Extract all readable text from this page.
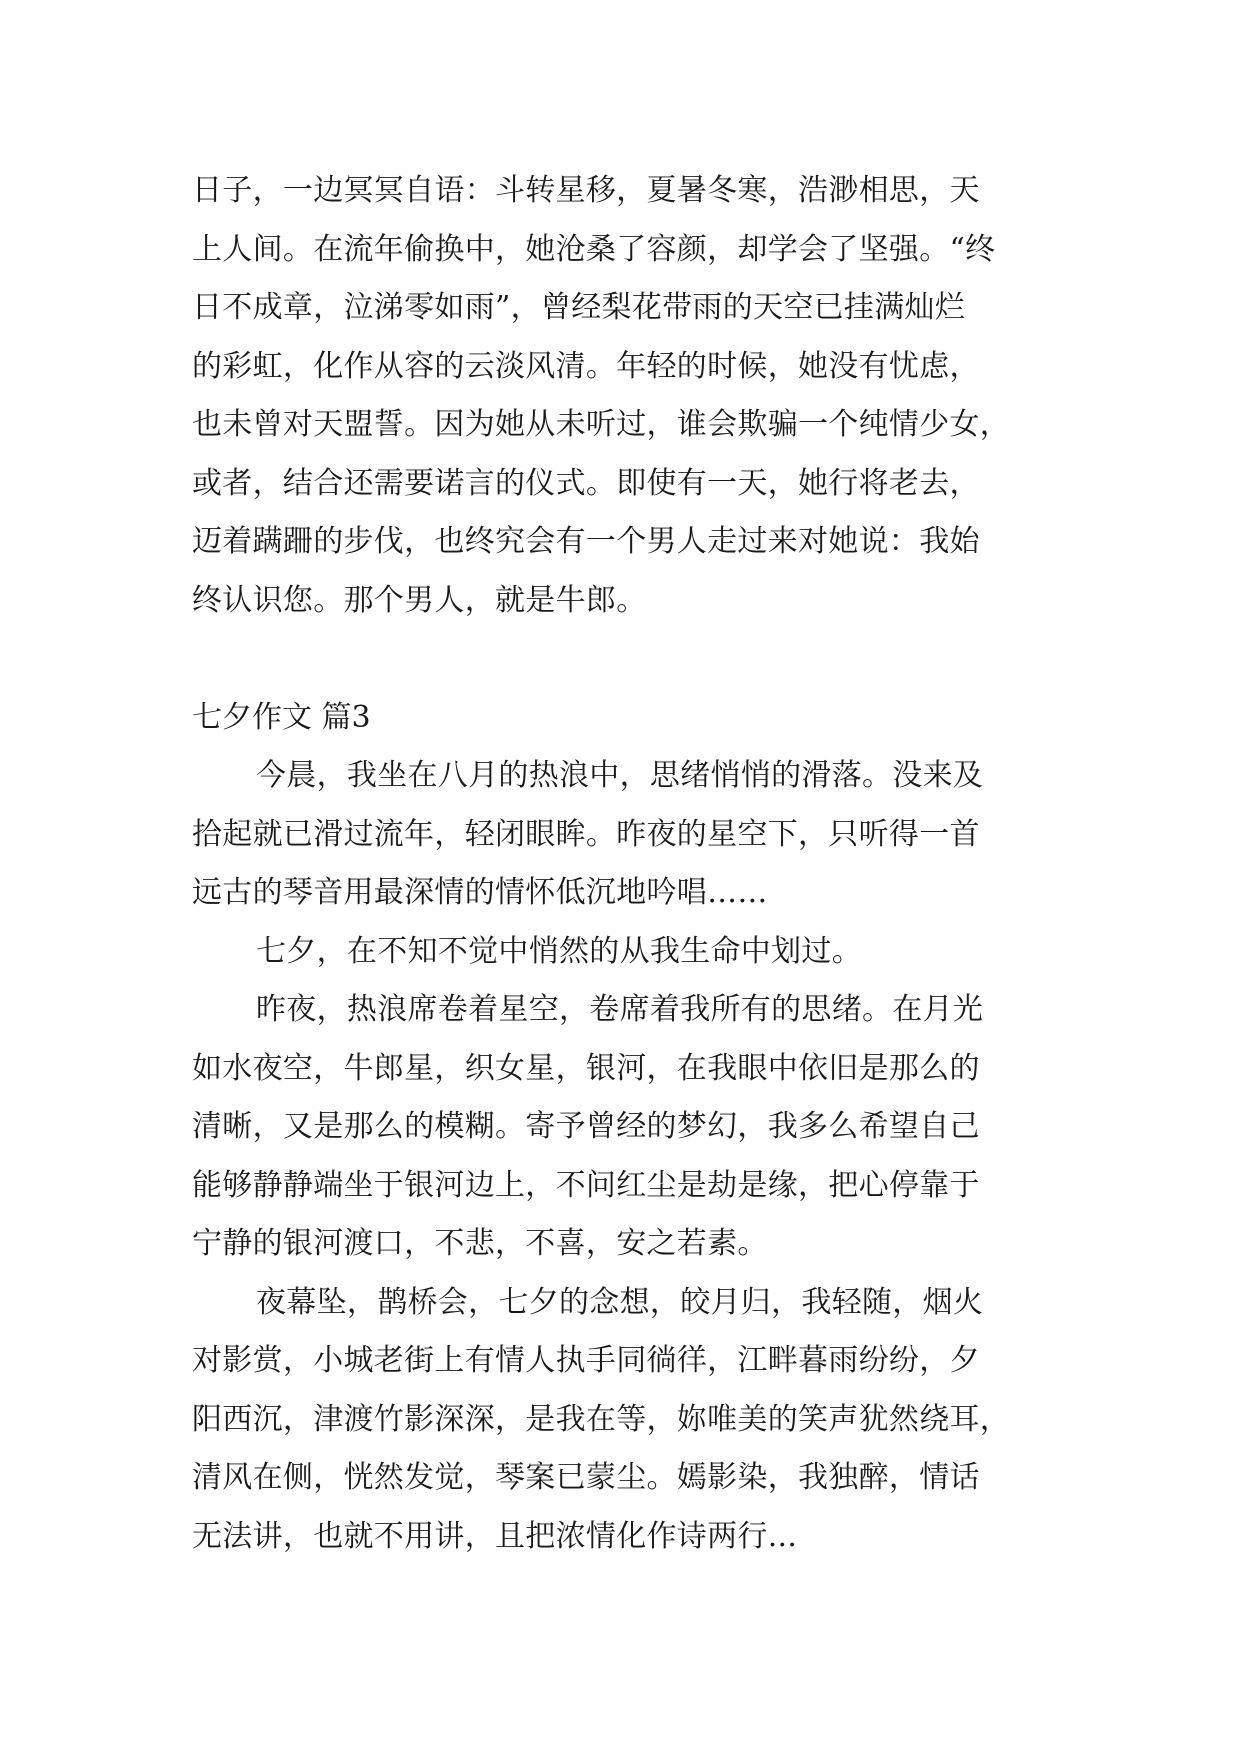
日子，一边冥冥自语：斗转星移，夏暑冬寒，浩渺相思，天
上人间。在流年偷换中，她沧桑了容颜，却学会了坚强。“终
日不成章，泣涕零如雨”，曾经梨花带雨的天空已挂满灿烂
的彩虹，化作从容的云淡风清。年轻的时候，她没有忧虑，
也未曾对天盟誓。因为她从未听过，谁会欺骗一个纯情少女，
或者，结合还需要诺言的仪式。即使有一天，她行将老去，
迈着蹒跚的步伐，也终究会有一个男人走过来对她说：我始
终认识您。那个男人，就是牛郎。
七夕作文 篇3
今晨，我坐在八月的热浪中，思绪悄悄的滑落。没来及
拾起就已滑过流年，轻闭眼眸。昨夜的星空下，只听得一首
远古的琴音用最深情的情怀低沉地吟唱……
七夕，在不知不觉中悄然的从我生命中划过。
昨夜，热浪席卷着星空，卷席着我所有的思绪。在月光
如水夜空，牛郎星，织女星，银河，在我眼中依旧是那么的
清晰，又是那么的模糊。寄予曾经的梦幻，我多么希望自己
能够静静端坐于银河边上，不问红尘是劫是缘，把心停靠于
宁静的银河渡口，不悲，不喜，安之若素。
夜幕坠，鹊桥会，七夕的念想，皎月归，我轻随，烟火
对影赏，小城老街上有情人执手同徜徉，江畔暮雨纷纷，夕
阳西沉，津渡竹影深深，是我在等，妳唯美的笑声犹然绕耳，
清风在侧，恍然发觉，琴案已蒙尘。嫣影染，我独醉，情话
无法讲，也就不用讲，且把浓情化作诗两行...
